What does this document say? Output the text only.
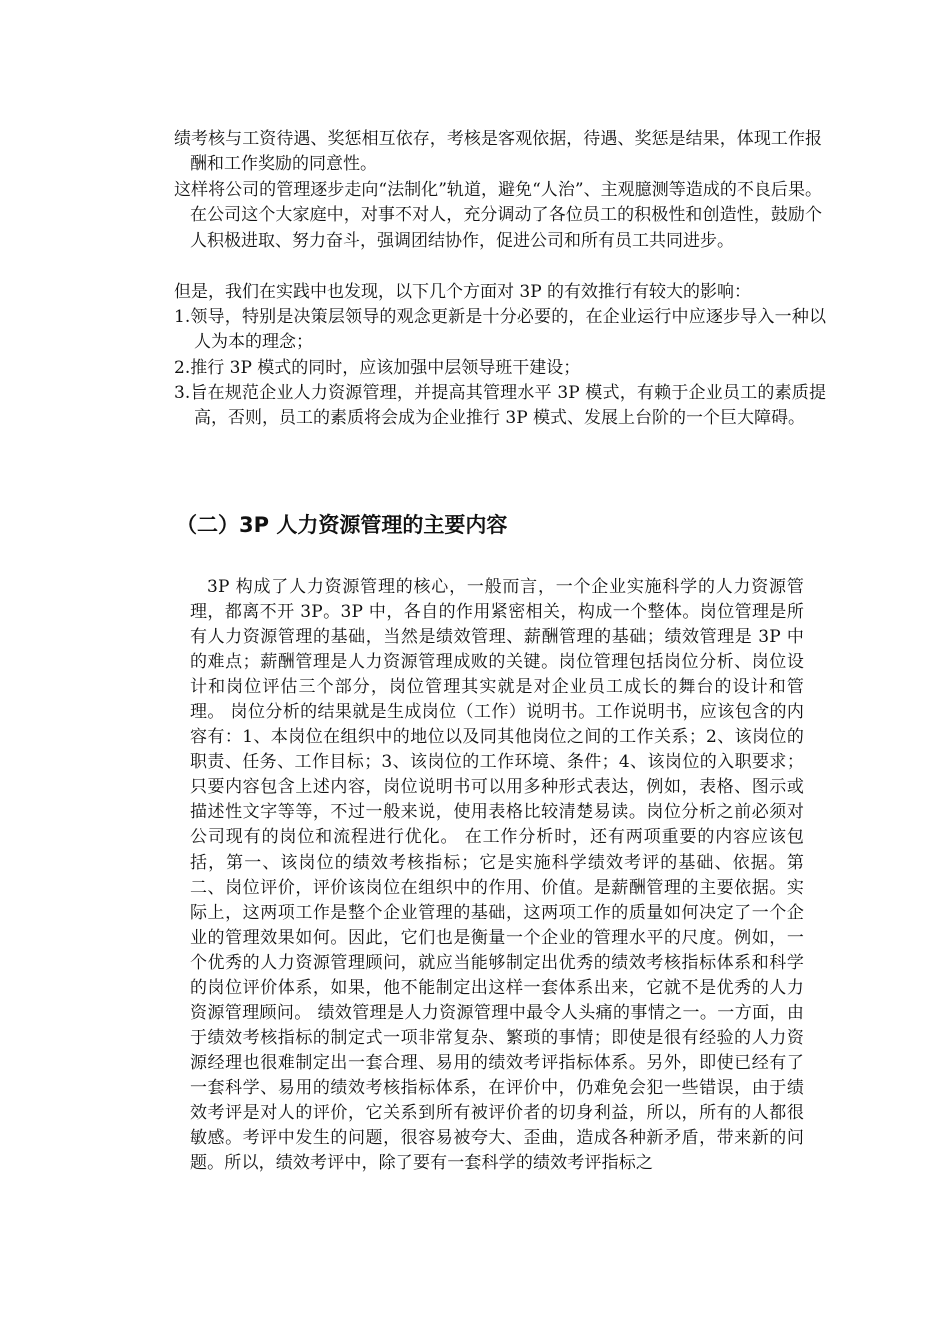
绩考核与工资待遇、奖惩相互依存，考核是客观依据，待遇、奖惩是结果，体现工作报酬和工作奖励的同意性。
这样将公司的管理逐步走向“法制化”轨道，避免“人治”、主观臆测等造成的不良后果。在公司这个大家庭中，对事不对人，充分调动了各位员工的积极性和创造性，鼓励个人积极进取、努力奋斗，强调团结协作，促进公司和所有员工共同进步。
但是，我们在实践中也发现，以下几个方面对 3P 的有效推行有较大的影响：
1.领导，特别是决策层领导的观念更新是十分必要的，在企业运行中应逐步导入一种以人为本的理念；
2.推行 3P 模式的同时，应该加强中层领导班干建设；
3.旨在规范企业人力资源管理，并提高其管理水平 3P 模式，有赖于企业员工的素质提高，否则，员工的素质将会成为企业推行 3P 模式、发展上台阶的一个巨大障碍。
（二）3P 人力资源管理的主要内容
3P 构成了人力资源管理的核心，一般而言，一个企业实施科学的人力资源管理，都离不开 3P。3P 中，各自的作用紧密相关，构成一个整体。岗位管理是所有人力资源管理的基础，当然是绩效管理、薪酬管理的基础；绩效管理是 3P 中的难点；薪酬管理是人力资源管理成败的关键。岗位管理包括岗位分析、岗位设计和岗位评估三个部分，岗位管理其实就是对企业员工成长的舞台的设计和管理。 岗位分析的结果就是生成岗位（工作）说明书。工作说明书，应该包含的内容有：1、本岗位在组织中的地位以及同其他岗位之间的工作关系；2、该岗位的职责、任务、工作目标；3、该岗位的工作环境、条件；4、该岗位的入职要求；只要内容包含上述内容，岗位说明书可以用多种形式表达，例如，表格、图示或描述性文字等等，不过一般来说，使用表格比较清楚易读。岗位分析之前必须对公司现有的岗位和流程进行优化。 在工作分析时，还有两项重要的内容应该包括，第一、该岗位的绩效考核指标；它是实施科学绩效考评的基础、依据。第二、岗位评价，评价该岗位在组织中的作用、价值。是薪酬管理的主要依据。实际上，这两项工作是整个企业管理的基础，这两项工作的质量如何决定了一个企业的管理效果如何。因此，它们也是衡量一个企业的管理水平的尺度。例如，一个优秀的人力资源管理顾问，就应当能够制定出优秀的绩效考核指标体系和科学的岗位评价体系，如果，他不能制定出这样一套体系出来，它就不是优秀的人力资源管理顾问。 绩效管理是人力资源管理中最令人头痛的事情之一。一方面，由于绩效考核指标的制定式一项非常复杂、繁琐的事情；即使是很有经验的人力资源经理也很难制定出一套合理、易用的绩效考评指标体系。另外，即使已经有了一套科学、易用的绩效考核指标体系，在评价中，仍难免会犯一些错误，由于绩效考评是对人的评价，它关系到所有被评价者的切身利益，所以，所有的人都很敏感。考评中发生的问题，很容易被夸大、歪曲，造成各种新矛盾，带来新的问题。所以，绩效考评中，除了要有一套科学的绩效考评指标之
